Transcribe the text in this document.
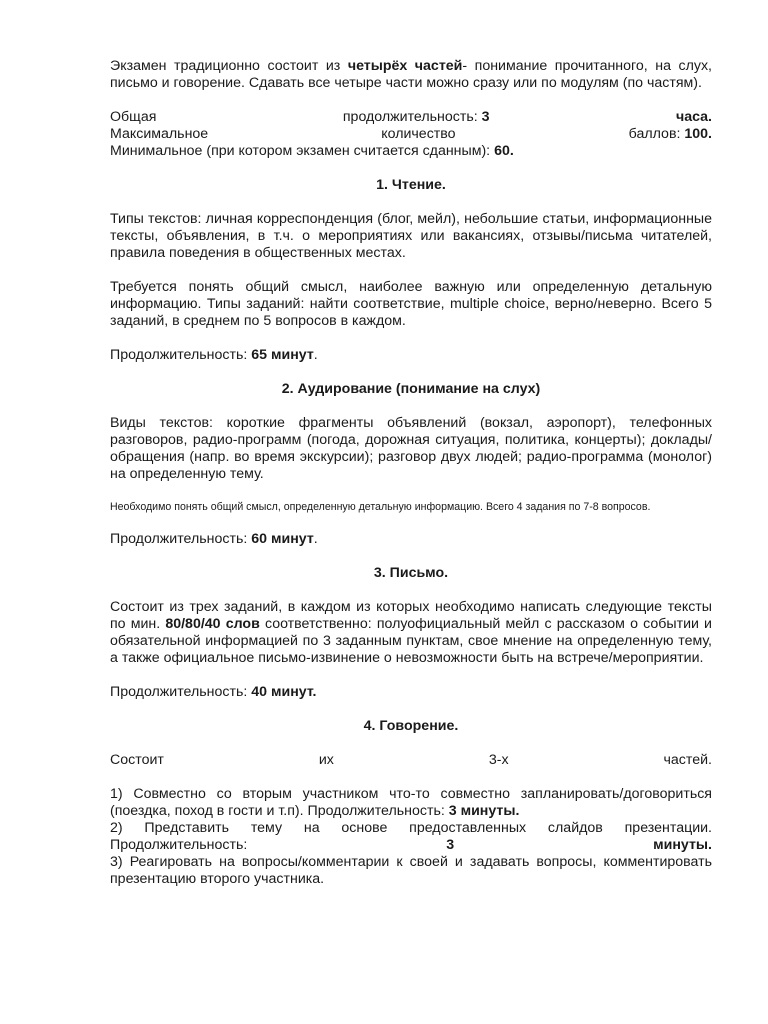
Экзамен традиционно состоит из четырёх частей- понимание прочитанного, на слух, письмо и говорение. Сдавать все четыре части можно сразу или по модулям (по частям).

Общая	продолжительность: 3	часа.
Максимальное	количество	баллов: 100.

Минимальное (при котором экзамен считается сданным): 60.

1. Чтение.

Типы текстов: личная корреспонденция (блог, мейл), небольшие статьи, информационные тексты, объявления, в т.ч. о мероприятиях или вакансиях, отзывы/письма читателей, правила поведения в общественных местах.

Требуется понять общий смысл, наиболее важную или определенную детальную информацию. Типы заданий: найти соответствие, multiple choice, верно/неверно. Всего 5 заданий, в среднем по 5 вопросов в каждом.

Продолжительность: 65 минут.

2. Аудирование (понимание на слух)

Виды текстов: короткие фрагменты объявлений (вокзал, аэропорт), телефонных разговоров, радио-программ (погода, дорожная ситуация, политика, концерты); доклады/обращения (напр. во время экскурсии); разговор двух людей; радио-программа (монолог) на определенную тему.

Необходимо понять общий смысл, определенную детальную информацию. Всего 4 задания по 7-8 вопросов.

Продолжительность: 60 минут.

3. Письмо.

Состоит из трех заданий, в каждом из которых необходимо написать следующие тексты по мин. 80/80/40 слов соответственно: полуофициальный мейл с рассказом о событии и обязательной информацией по 3 заданным пунктам, свое мнение на определенную тему, а также официальное письмо-извинение о невозможности быть на встрече/мероприятии.

Продолжительность: 40 минут.

4. Говорение.

Состоит	их	3-х	частей.

1) Совместно со вторым участником что-то совместно запланировать/договориться (поездка, поход в гости и т.п). Продолжительность: 3 минуты.

2) Представить тему на основе предоставленных слайдов презентации. Продолжительность: 3	минуты.

3) Реагировать на вопросы/комментарии к своей и задавать вопросы, комментировать презентацию второго участника.
